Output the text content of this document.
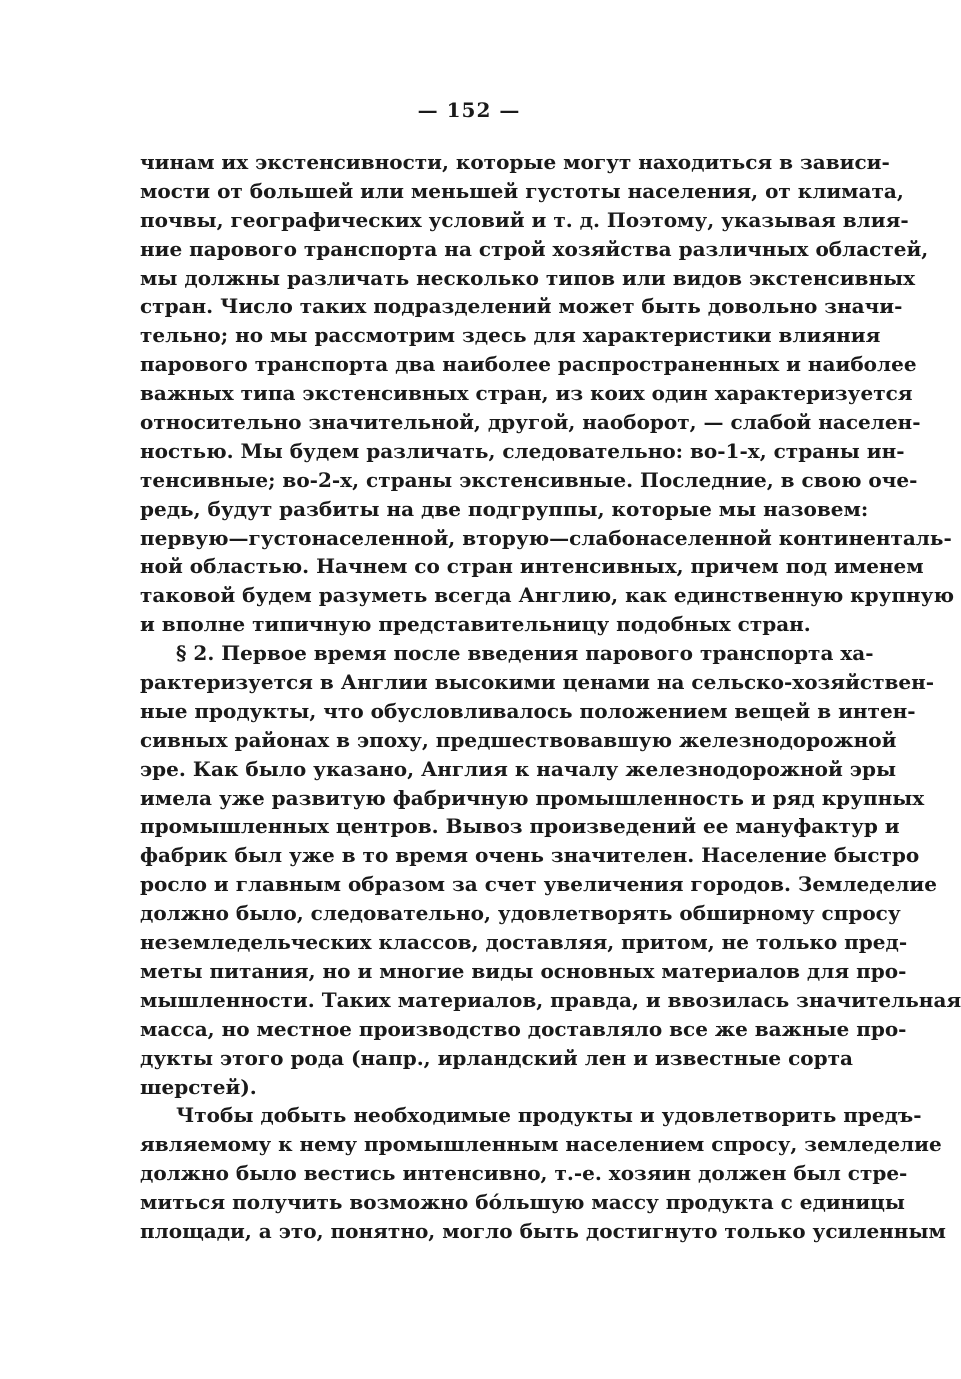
— 152 —
чинам их экстенсивности, которые могут находиться в зависи-
мости от большей или меньшей густоты населения, от климата,
почвы, географических условий и т. д. Поэтому, указывая влия-
ние парового транспорта на строй хозяйства различных областей,
мы должны различать несколько типов или видов экстенсивных
стран. Число таких подразделений может быть довольно значи-
тельно; но мы рассмотрим здесь для характеристики влияния
парового транспорта два наиболее распространенных и наиболее
важных типа экстенсивных стран, из коих один характеризуется
относительно значительной, другой, наоборот, — слабой населен-
ностью. Мы будем различать, следовательно: во-1-х, страны ин-
тенсивные; во-2-х, страны экстенсивные. Последние, в свою оче-
редь, будут разбиты на две подгруппы, которые мы назовем:
первую—густонаселенной, вторую—слабонаселенной континенталь-
ной областью. Начнем со стран интенсивных, причем под именем
таковой будем разуметь всегда Англию, как единственную крупную
и вполне типичную представительницу подобных стран.
§ 2. Первое время после введения парового транспорта ха-
рактеризуется в Англии высокими ценами на сельско-хозяйствен-
ные продукты, что обусловливалось положением вещей в интен-
сивных районах в эпоху, предшествовавшую железнодорожной
эре. Как было указано, Англия к началу железнодорожной эры
имела уже развитую фабричную промышленность и ряд крупных
промышленных центров. Вывоз произведений ее мануфактур и
фабрик был уже в то время очень значителен. Население быстро
росло и главным образом за счет увеличения городов. Земледелие
должно было, следовательно, удовлетворять обширному спросу
неземледельческих классов, доставляя, притом, не только пред-
меты питания, но и многие виды основных материалов для про-
мышленности. Таких материалов, правда, и ввозилась значительная
масса, но местное производство доставляло все же важные про-
дукты этого рода (напр., ирландский лен и известные сорта
шерстей).
Чтобы добыть необходимые продукты и удовлетворить предъ-
являемому к нему промышленным населением спросу, земледелие
должно было вестись интенсивно, т.-е. хозяин должен был стре-
миться получить возможно бо́льшую массу продукта с единицы
площади, а это, понятно, могло быть достигнуто только усиленным
